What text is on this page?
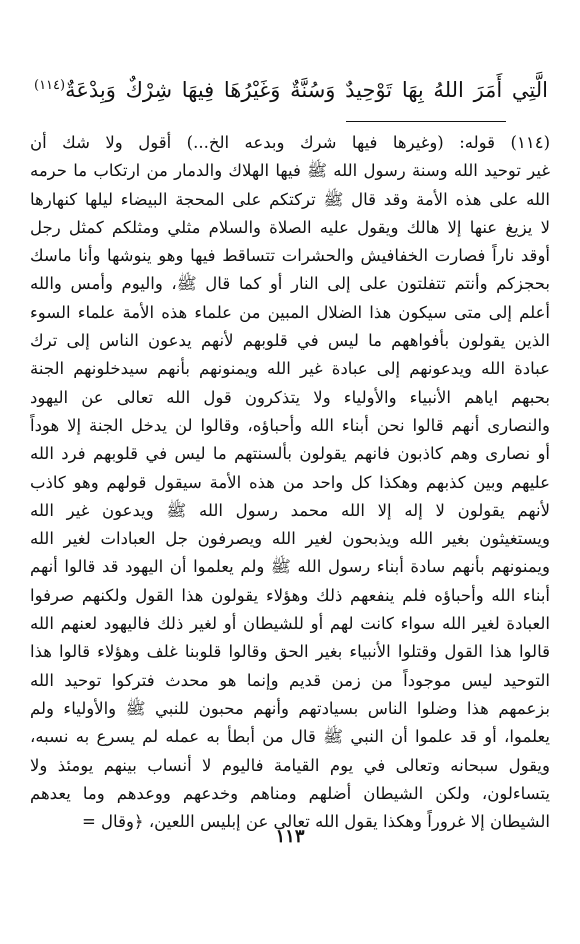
الَّتِي أَمَرَ اللهُ بِهَا تَوْحِيدٌ وَسُنَّةٌ وَغَيْرُهَا فِيهَا شِرْكٌ وَبِدْعَةٌ$^{(١١٤)}$
(١١٤) قوله: (وغيرها فيها شرك وبدعه الخ...) أقول ولا شك أن
غير توحيد الله وسنة رسول الله ﷺ فيها الهلاك والدمار من ارتكاب ما حرمه
الله على هذه الأمة وقد قال ﷺ تركتكم على المحجة البيضاء ليلها كنهارها
لا يزيغ عنها إلا هالك ويقول عليه الصلاة والسلام مثلي ومثلكم كمثل رجل
أوقد ناراً فصارت الخفافيش والحشرات تتساقط فيها وهو ينوشها وأنا ماسك
بحجزكم وأنتم تتفلتون على إلى النار أو كما قال ﷺ، واليوم وأمس والله
أعلم إلى متى سيكون هذا الضلال المبين من علماء هذه الأمة علماء السوء
الذين يقولون بأفواههم ما ليس في قلوبهم لأنهم يدعون الناس إلى ترك
عبادة الله ويدعونهم إلى عبادة غير الله ويمنونهم بأنهم سيدخلونهم الجنة
بحبهم اياهم الأنبياء والأولياء ولا يتذكرون قول الله تعالى عن اليهود
والنصارى أنهم قالوا نحن أبناء الله وأحباؤه، وقالوا لن يدخل الجنة إلا هوداً
أو نصارى وهم كاذبون فانهم يقولون بألسنتهم ما ليس في قلوبهم فرد الله
عليهم وبين كذبهم وهكذا كل واحد من هذه الأمة سيقول قولهم وهو كاذب
لأنهم يقولون لا إله إلا الله محمد رسول الله ﷺ ويدعون غير الله
ويستغيثون بغير الله ويذبحون لغير الله ويصرفون جل العبادات لغير الله
ويمنونهم بأنهم سادة أبناء رسول الله ﷺ ولم يعلموا أن اليهود قد قالوا أنهم
أبناء الله وأحباؤه فلم ينفعهم ذلك وهؤلاء يقولون هذا القول ولكنهم صرفوا
العبادة لغير الله سواء كانت لهم أو للشيطان أو لغير ذلك فاليهود لعنهم الله
قالوا هذا القول وقتلوا الأنبياء بغير الحق وقالوا قلوبنا غلف وهؤلاء قالوا هذا
التوحيد ليس موجوداً من زمن قديم وإنما هو محدث فتركوا توحيد الله
بزعمهم هذا وضلوا الناس بسيادتهم وأنهم محبون للنبي ﷺ والأولياء ولم
يعلموا، أو قد علموا أن النبي ﷺ قال من أبطأ به عمله لم يسرع به نسبه،
ويقول سبحانه وتعالى في يوم القيامة فاليوم لا أنساب بينهم يومئذ ولا
يتساءلون، ولكن الشيطان أضلهم ومناهم وخدعهم ووعدهم وما يعدهم
الشيطان إلا غروراً وهكذا يقول الله تعالى عن إبليس اللعين، ﴿وقال =
١١٣
